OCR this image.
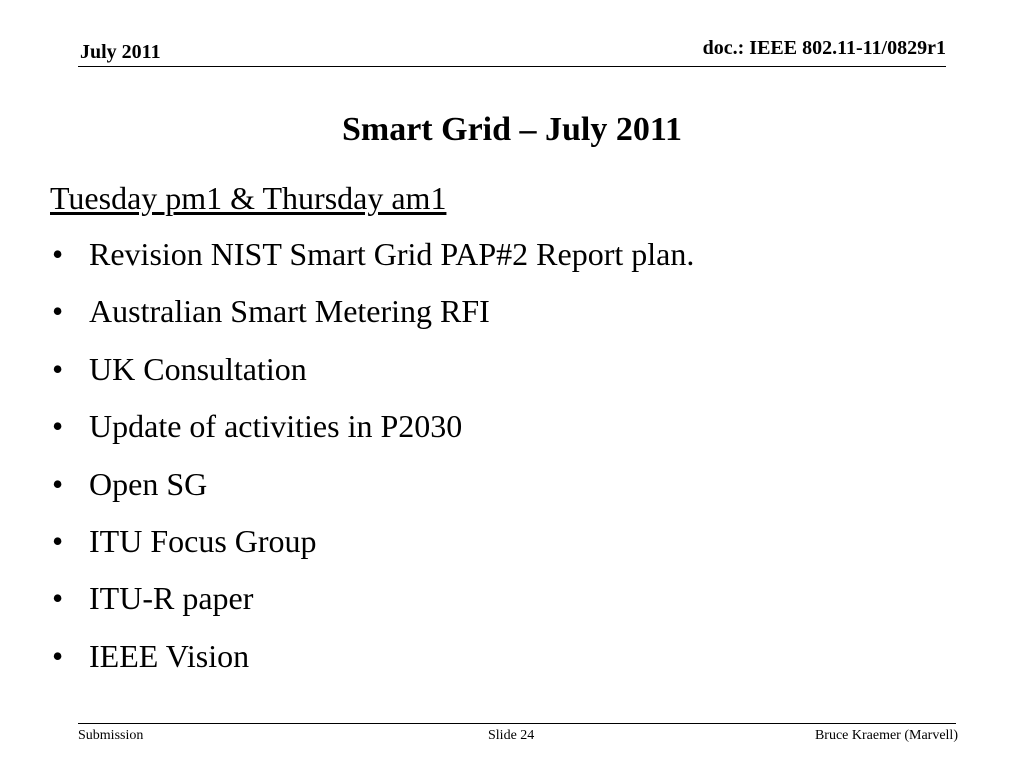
July 2011	doc.: IEEE 802.11-11/0829r1
Smart Grid – July 2011
Tuesday pm1 & Thursday am1
• Revision NIST Smart Grid PAP#2 Report plan.
• Australian Smart Metering RFI
• UK Consultation
• Update of activities in P2030
• Open SG
• ITU Focus Group
• ITU-R paper
• IEEE Vision
Submission	Slide 24	Bruce Kraemer (Marvell)
